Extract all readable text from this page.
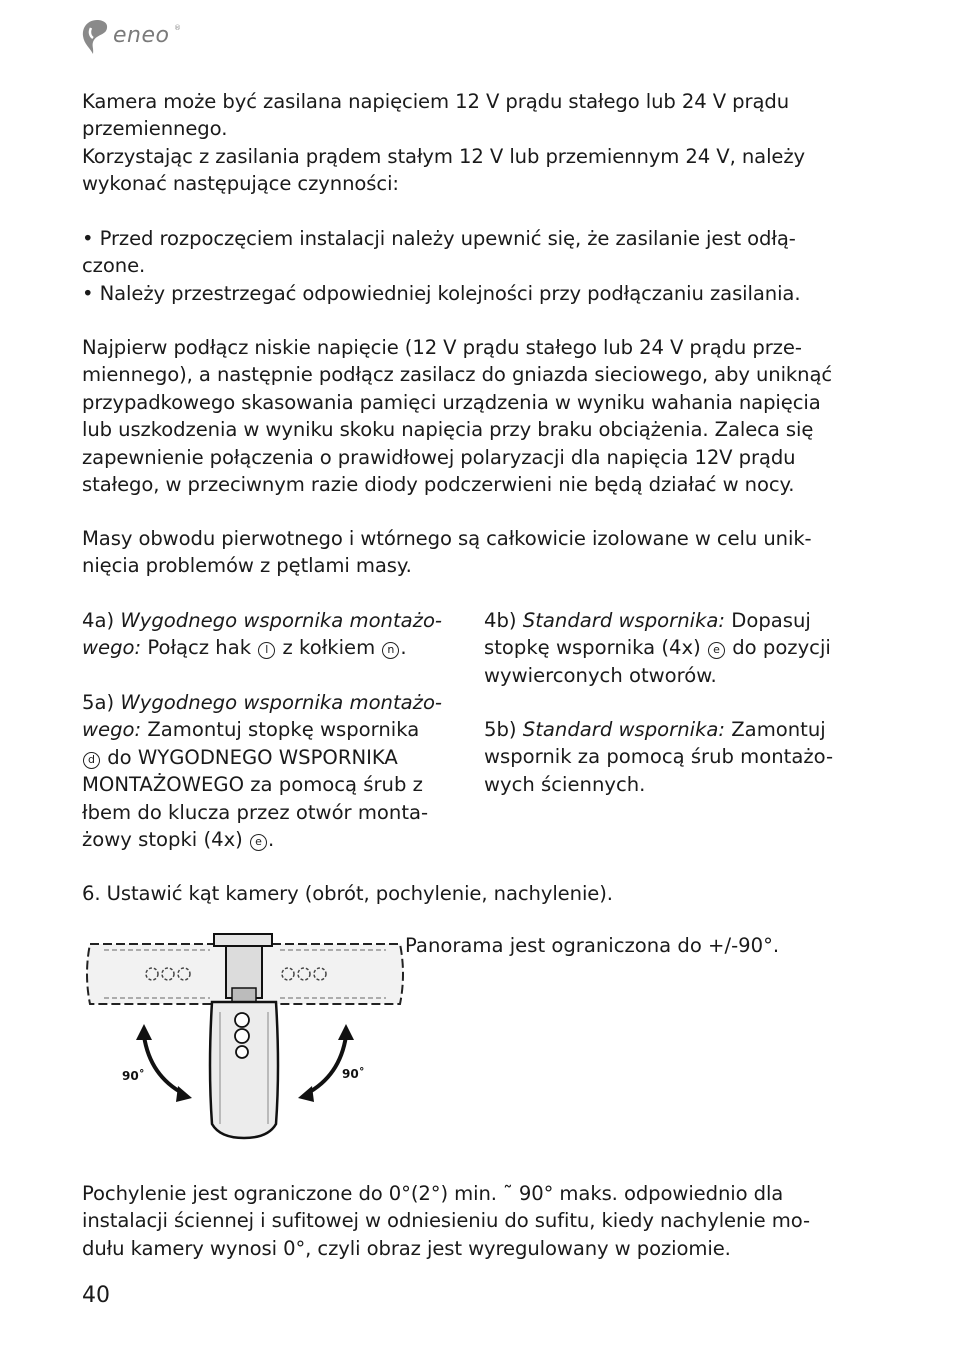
eneo ®
Kamera może być zasilana napięciem 12 V prądu stałego lub 24 V prądu
przemiennego.
Korzystając z zasilania prądem stałym 12 V lub przemiennym 24 V, należy
wykonać następujące czynności:
• Przed rozpoczęciem instalacji należy upewnić się, że zasilanie jest odłą-
czone.
• Należy przestrzegać odpowiedniej kolejności przy podłączaniu zasilania.
Najpierw podłącz niskie napięcie (12 V prądu stałego lub 24 V prądu prze-
miennego), a następnie podłącz zasilacz do gniazda sieciowego, aby uniknąć
przypadkowego skasowania pamięci urządzenia w wyniku wahania napięcia
lub uszkodzenia w wyniku skoku napięcia przy braku obciążenia. Zaleca się
zapewnienie połączenia o prawidłowej polaryzacji dla napięcia 12V prądu
stałego, w przeciwnym razie diody podczerwieni nie będą działać w nocy.
Masy obwodu pierwotnego i wtórnego są całkowicie izolowane w celu unik-
nięcia problemów z pętlami masy.
4a) Wygodnego wspornika montażo-
wego: Połącz hak l z kołkiem n .
5a) Wygodnego wspornika montażo-
wego: Zamontuj stopkę wspornika
d do WYGODNEGO WSPORNIKA
MONTAŻOWEGO za pomocą śrub z
łbem do klucza przez otwór monta-
żowy stopki (4x) e .
4b) Standard wspornika: Dopasuj
stopkę wspornika (4x) e do pozycji
wywierconych otworów.
5b) Standard wspornika: Zamontuj
wspornik za pomocą śrub montażo-
wych ściennych.
6. Ustawić kąt kamery (obrót, pochylenie, nachylenie).
90˚	90˚
Panorama jest ograniczona do +/-90°.
Pochylenie jest ograniczone do 0°(2°) min. ˜ 90° maks. odpowiednio dla
instalacji ściennej i sufitowej w odniesieniu do sufitu, kiedy nachylenie mo-
dułu kamery wynosi 0°, czyli obraz jest wyregulowany w poziomie.
40
